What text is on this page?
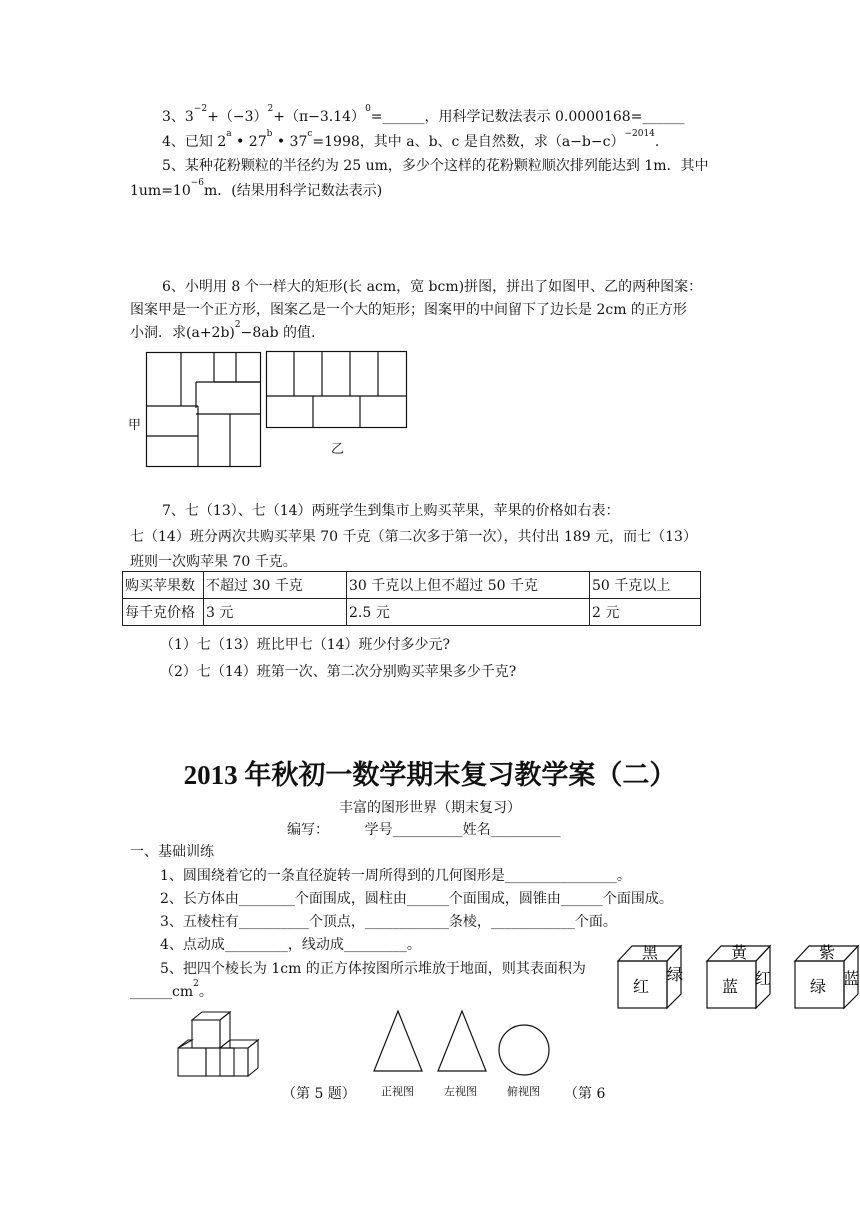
3、$3^{-2}+(-3)^2+(\pi-3.14)^0=\_\_\_\_\_\_$，用科学记数法表示 0.0000168=______
4、已知 2$^a$ • 27$^b$ • $37^c=1998$，其中 a、b、c 是自然数，求$(a-b-c)^{-2014}$.
5、某种花粉颗粒的半径约为 25 um，多少个这样的花粉颗粒顺次排列能达到 1m．其中
$1um=10^{-6}m$．(结果用科学记数法表示)
6、小明用 8 个一样大的矩形(长 acm，宽 bcm)拼图，拼出了如图甲、乙的两种图案：
图案甲是一个正方形，图案乙是一个大的矩形；图案甲的中间留下了边长是 2cm 的正方形
小洞．求$(a+2b)^2-8ab$ 的值.
甲
乙
7、七（13）、七（14）两班学生到集市上购买苹果，苹果的价格如右表：
七（14）班分两次共购买苹果 70 千克（第二次多于第一次），共付出 189 元，而七（13）
班则一次购苹果 70 千克。
购买苹果数	不超过 30 千克	30 千克以上但不超过 50 千克	50 千克以上
每千克价格	3 元	2.5 元	2 元
（1）七（13）班比甲七（14）班少付多少元?
（2）七（14）班第一次、第二次分别购买苹果多少千克?
2013 年秋初一数学期末复习教学案（二）
丰富的图形世界（期末复习）
编写：        学号__________姓名__________
一、基础训练
1、圆围绕着它的一条直径旋转一周所得到的几何图形是________________。
2、长方体由________个面围成，圆柱由______个面围成，圆锥由______个面围成。
3、五棱柱有__________个顶点，____________条棱，____________个面。
4、点动成_________，线动成_________。
5、把四个棱长为 1cm 的正方体按图所示堆放于地面，则其表面积为
$\_\_\_\_\_\_cm^2$。
黑
红
绿
黄
蓝 红
紫
绿 蓝
（第 5 题） 正视图	左视图	俯视图 （第 6
